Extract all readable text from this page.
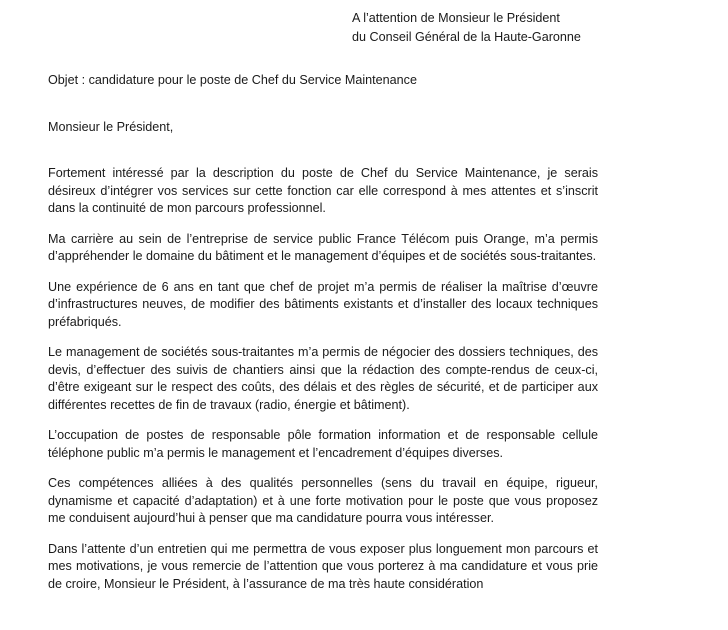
A l’attention de Monsieur le Président
du Conseil Général de la Haute-Garonne
Objet : candidature pour le poste de Chef du Service Maintenance
Monsieur le Président,

Fortement intéressé par la description du poste de Chef du Service Maintenance, je serais désireux d’intégrer vos services sur cette fonction car elle correspond à mes attentes et s’inscrit dans la continuité de mon parcours professionnel.

Ma carrière au sein de l’entreprise de service public France Télécom puis Orange, m’a permis d’appréhender le domaine du bâtiment et le management d’équipes et de sociétés sous-traitantes.

Une expérience de 6 ans en tant que chef de projet m’a permis de réaliser la maîtrise d’œuvre d’infrastructures neuves, de modifier des bâtiments existants et d’installer des locaux techniques préfabriqués.

Le management de sociétés sous-traitantes m’a permis de négocier des dossiers techniques, des devis, d’effectuer des suivis de chantiers ainsi que la rédaction des compte-rendus de ceux-ci, d’être exigeant sur le respect des coûts, des délais et des règles de sécurité, et de participer aux différentes recettes de fin de travaux (radio, énergie et bâtiment).

L’occupation de postes de responsable pôle formation information et de responsable cellule téléphone public m’a permis le management et l’encadrement d’équipes diverses.

Ces compétences alliées à des qualités personnelles (sens du travail en équipe, rigueur, dynamisme et capacité d’adaptation) et à une forte motivation pour le poste que vous proposez me conduisent aujourd’hui à penser que ma candidature pourra vous intéresser.

Dans l’attente d’un entretien qui me permettra de vous exposer plus longuement mon parcours et mes motivations, je vous remercie de l’attention que vous porterez à ma candidature et vous prie de croire, Monsieur le Président, à l’assurance de ma très haute considération
